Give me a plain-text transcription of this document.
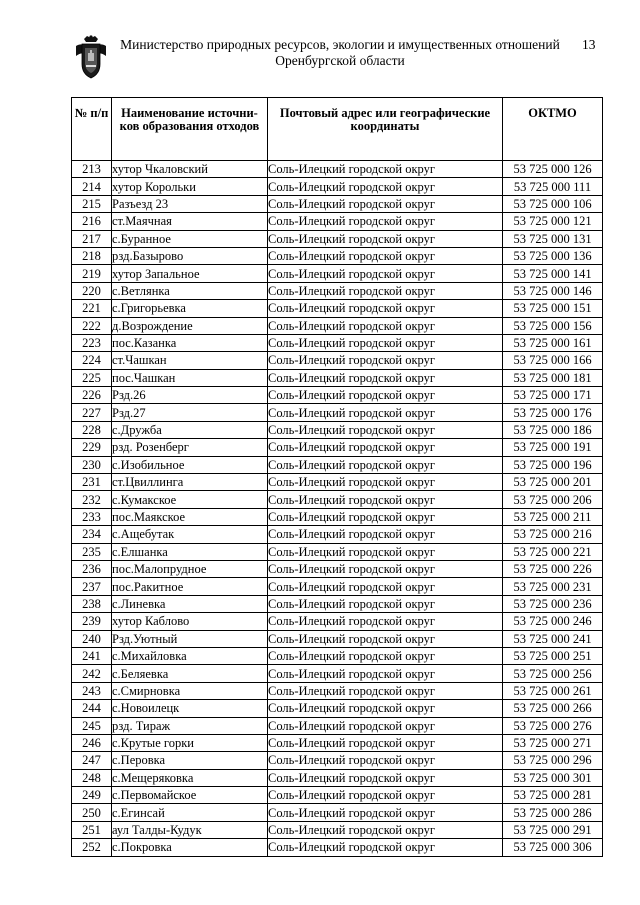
Министерство природных ресурсов, экологии и имущественных отношений
Оренбургской области
13
№ п/п	Наименование источни-ков образования отходов	Почтовый адрес или географические координаты	ОКТМО
213	хутор Чкаловский	Соль-Илецкий городской округ	53 725 000 126
214	хутор Корольки	Соль-Илецкий городской округ	53 725 000 111
215	Разъезд 23	Соль-Илецкий городской округ	53 725 000 106
216	ст.Маячная	Соль-Илецкий городской округ	53 725 000 121
217	с.Буранное	Соль-Илецкий городской округ	53 725 000 131
218	рзд.Базырово	Соль-Илецкий городской округ	53 725 000 136
219	хутор Запальное	Соль-Илецкий городской округ	53 725 000 141
220	с.Ветлянка	Соль-Илецкий городской округ	53 725 000 146
221	с.Григорьевка	Соль-Илецкий городской округ	53 725 000 151
222	д.Возрождение	Соль-Илецкий городской округ	53 725 000 156
223	пос.Казанка	Соль-Илецкий городской округ	53 725 000 161
224	ст.Чашкан	Соль-Илецкий городской округ	53 725 000 166
225	пос.Чашкан	Соль-Илецкий городской округ	53 725 000 181
226	Рзд.26	Соль-Илецкий городской округ	53 725 000 171
227	Рзд.27	Соль-Илецкий городской округ	53 725 000 176
228	с.Дружба	Соль-Илецкий городской округ	53 725 000 186
229	рзд. Розенберг	Соль-Илецкий городской округ	53 725 000 191
230	с.Изобильное	Соль-Илецкий городской округ	53 725 000 196
231	ст.Цвиллинга	Соль-Илецкий городской округ	53 725 000 201
232	с.Кумакское	Соль-Илецкий городской округ	53 725 000 206
233	пос.Маякское	Соль-Илецкий городской округ	53 725 000 211
234	с.Ащебутак	Соль-Илецкий городской округ	53 725 000 216
235	с.Елшанка	Соль-Илецкий городской округ	53 725 000 221
236	пос.Малопрудное	Соль-Илецкий городской округ	53 725 000 226
237	пос.Ракитное	Соль-Илецкий городской округ	53 725 000 231
238	с.Линевка	Соль-Илецкий городской округ	53 725 000 236
239	хутор Каблово	Соль-Илецкий городской округ	53 725 000 246
240	Рзд.Уютный	Соль-Илецкий городской округ	53 725 000 241
241	с.Михайловка	Соль-Илецкий городской округ	53 725 000 251
242	с.Беляевка	Соль-Илецкий городской округ	53 725 000 256
243	с.Смирновка	Соль-Илецкий городской округ	53 725 000 261
244	с.Новоилецк	Соль-Илецкий городской округ	53 725 000 266
245	рзд. Тираж	Соль-Илецкий городской округ	53 725 000 276
246	с.Крутые горки	Соль-Илецкий городской округ	53 725 000 271
247	с.Перовка	Соль-Илецкий городской округ	53 725 000 296
248	с.Мещеряковка	Соль-Илецкий городской округ	53 725 000 301
249	с.Первомайское	Соль-Илецкий городской округ	53 725 000 281
250	с.Егинсай	Соль-Илецкий городской округ	53 725 000 286
251	аул Талды-Кудук	Соль-Илецкий городской округ	53 725 000 291
252	с.Покровка	Соль-Илецкий городской округ	53 725 000 306
